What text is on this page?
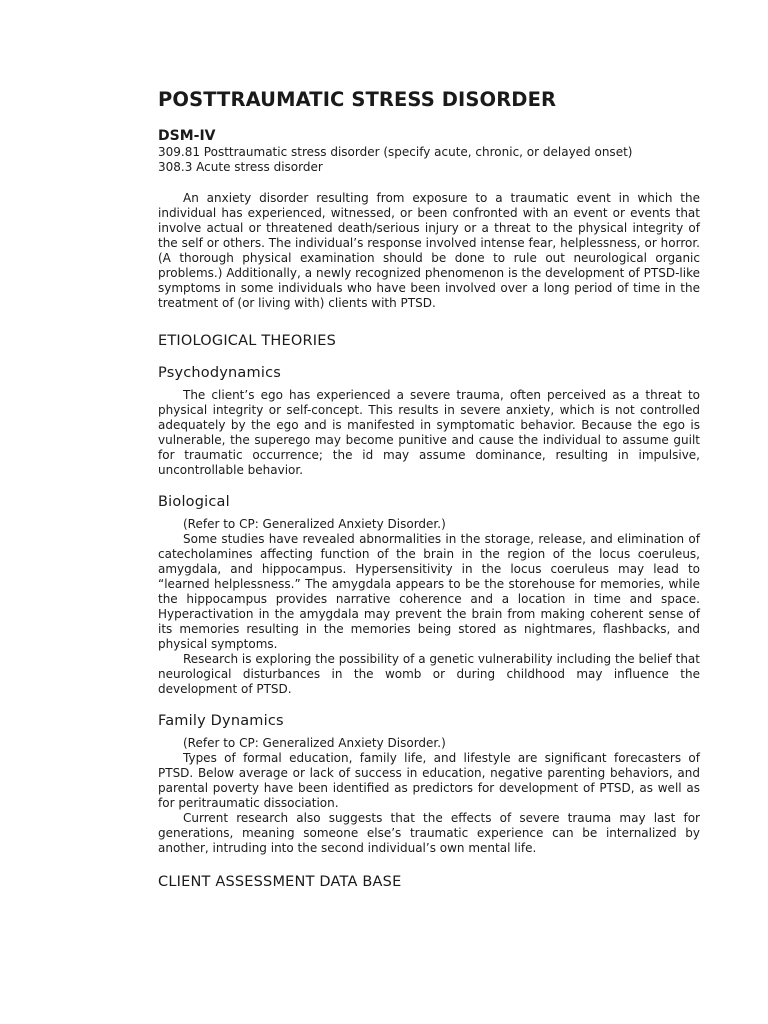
POSTTRAUMATIC STRESS DISORDER
DSM-IV
309.81 Posttraumatic stress disorder (specify acute, chronic, or delayed onset)
308.3 Acute stress disorder

An anxiety disorder resulting from exposure to a traumatic event in which the individual has experienced, witnessed, or been confronted with an event or events that involve actual or threatened death/serious injury or a threat to the physical integrity of the self or others. The individual’s response involved intense fear, helplessness, or horror. (A thorough physical examination should be done to rule out neurological organic problems.) Additionally, a newly recognized phenomenon is the development of PTSD-like symptoms in some individuals who have been involved over a long period of time in the treatment of (or living with) clients with PTSD.

ETIOLOGICAL THEORIES
Psychodynamics

The client’s ego has experienced a severe trauma, often perceived as a threat to physical integrity or self-concept. This results in severe anxiety, which is not controlled adequately by the ego and is manifested in symptomatic behavior. Because the ego is vulnerable, the superego may become punitive and cause the individual to assume guilt for traumatic occurrence; the id may assume dominance, resulting in impulsive, uncontrollable behavior.

Biological

(Refer to CP: Generalized Anxiety Disorder.)

Some studies have revealed abnormalities in the storage, release, and elimination of catecholamines affecting function of the brain in the region of the locus coeruleus, amygdala, and hippocampus. Hypersensitivity in the locus coeruleus may lead to “learned helplessness.” The amygdala appears to be the storehouse for memories, while the hippocampus provides narrative coherence and a location in time and space. Hyperactivation in the amygdala may prevent the brain from making coherent sense of its memories resulting in the memories being stored as nightmares, flashbacks, and physical symptoms.

Research is exploring the possibility of a genetic vulnerability including the belief that neurological disturbances in the womb or during childhood may influence the development of PTSD.

Family Dynamics

(Refer to CP: Generalized Anxiety Disorder.)

Types of formal education, family life, and lifestyle are significant forecasters of PTSD. Below average or lack of success in education, negative parenting behaviors, and parental poverty have been identified as predictors for development of PTSD, as well as for peritraumatic dissociation.

Current research also suggests that the effects of severe trauma may last for generations, meaning someone else’s traumatic experience can be internalized by another, intruding into the second individual’s own mental life.

CLIENT ASSESSMENT DATA BASE
